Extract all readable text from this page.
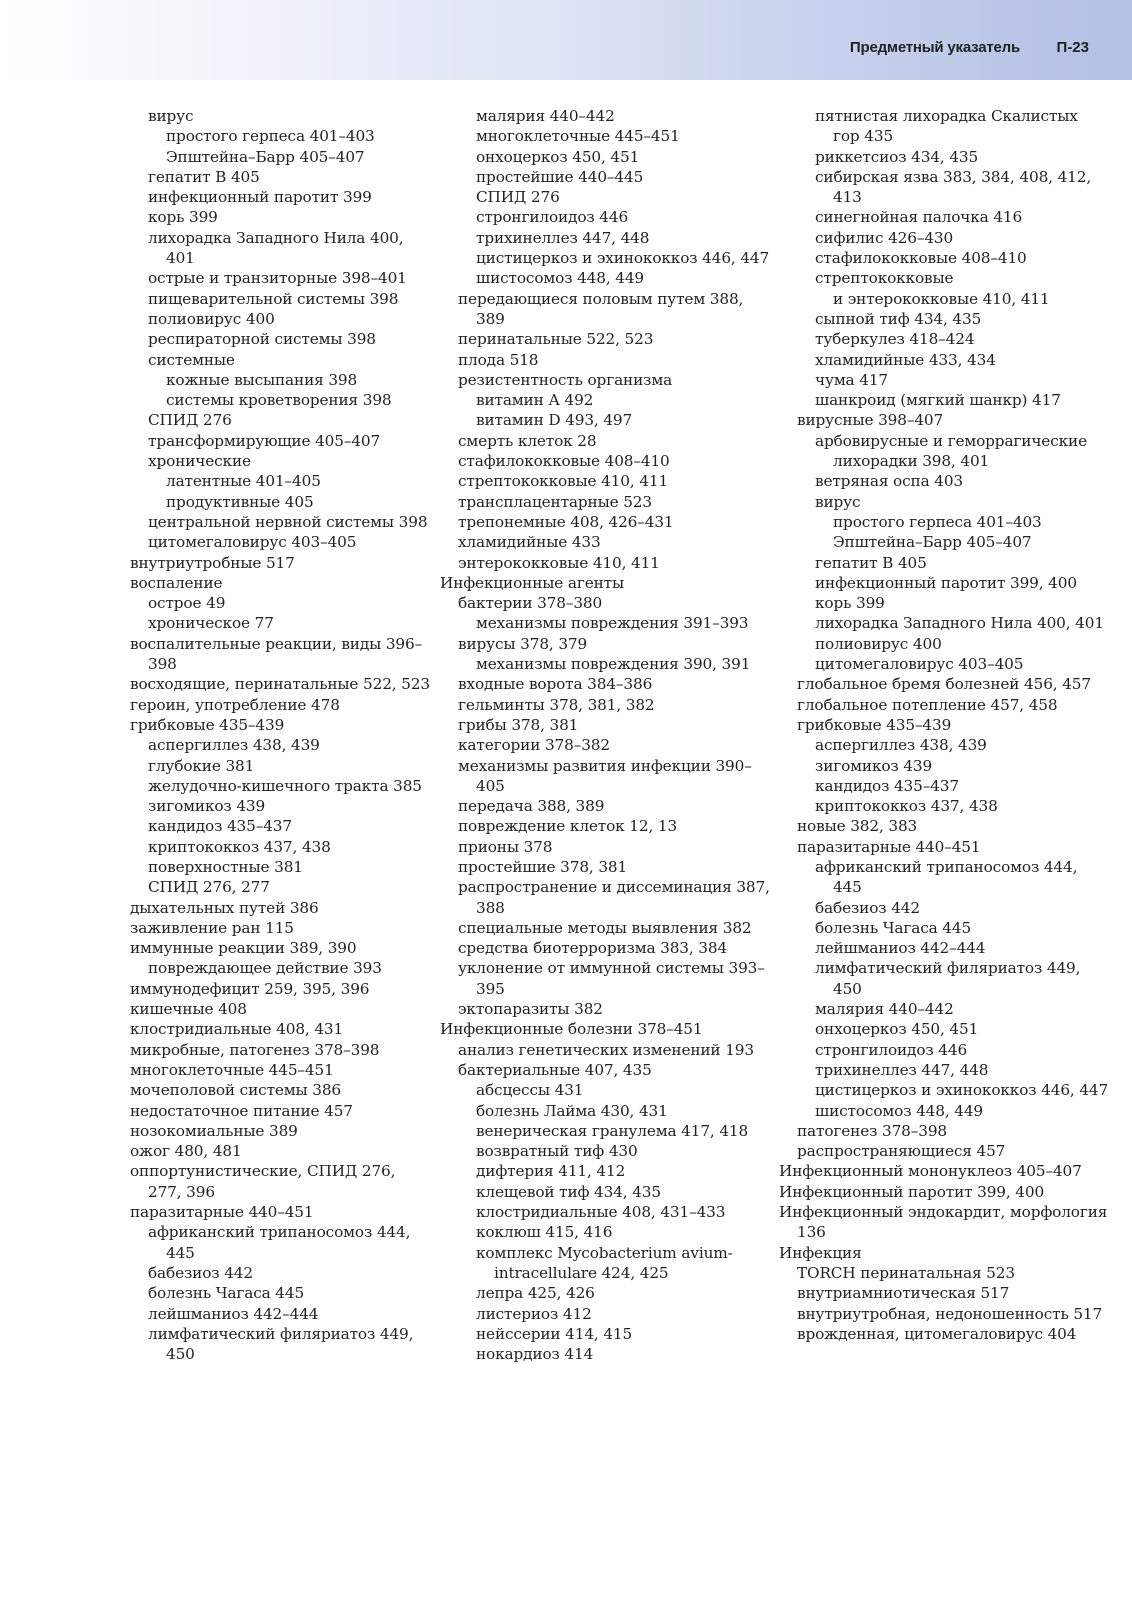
Предметный указатель П-23
вирус
простого герпеса 401–403
Эпштейна–Барр 405–407
гепатит В 405
инфекционный паротит 399
корь 399
лихорадка Западного Нила 400, 401
острые и транзиторные 398–401
пищеварительной системы 398
полиовирус 400
респираторной системы 398
системные
кожные высыпания 398
системы кроветворения 398
СПИД 276
трансформирующие 405–407
хронические
латентные 401–405
продуктивные 405
центральной нервной системы 398
цитомегаловирус 403–405
внутриутробные 517
воспаление
острое 49
хроническое 77
воспалительные реакции, виды 396–398
восходящие, перинатальные 522, 523
героин, употребление 478
грибковые 435–439
аспергиллез 438, 439
глубокие 381
желудочно-кишечного тракта 385
зигомикоз 439
кандидоз 435–437
криптококкоз 437, 438
поверхностные 381
СПИД 276, 277
дыхательных путей 386
заживление ран 115
иммунные реакции 389, 390
повреждающее действие 393
иммунодефицит 259, 395, 396
кишечные 408
клостридиальные 408, 431
микробные, патогенез 378–398
многоклеточные 445–451
мочеполовой системы 386
недостаточное питание 457
нозокомиальные 389
ожог 480, 481
оппортунистические, СПИД 276, 277, 396
паразитарные 440–451
африканский трипаносомоз 444, 445
бабезиоз 442
болезнь Чагаса 445
лейшманиоз 442–444
лимфатический филяриатоз 449, 450
малярия 440–442
многоклеточные 445–451
онхоцеркоз 450, 451
простейшие 440–445
СПИД 276
стронгилоидоз 446
трихинеллез 447, 448
цистицеркоз и эхинококкоз 446, 447
шистосомоз 448, 449
передающиеся половым путем 388, 389
перинатальные 522, 523
плода 518
резистентность организма
витамин А 492
витамин D 493, 497
смерть клеток 28
стафилококковые 408–410
стрептококковые 410, 411
трансплацентарные 523
трепонемные 408, 426–431
хламидийные 433
энтерококковые 410, 411
Инфекционные агенты
бактерии 378–380
механизмы повреждения 391–393
вирусы 378, 379
механизмы повреждения 390, 391
входные ворота 384–386
гельминты 378, 381, 382
грибы 378, 381
категории 378–382
механизмы развития инфекции 390–405
передача 388, 389
повреждение клеток 12, 13
прионы 378
простейшие 378, 381
распространение и диссеминация 387, 388
специальные методы выявления 382
средства биотерроризма 383, 384
уклонение от иммунной системы 393–395
эктопаразиты 382
Инфекционные болезни 378–451
анализ генетических изменений 193
бактериальные 407, 435
абсцессы 431
болезнь Лайма 430, 431
венерическая гранулема 417, 418
возвратный тиф 430
дифтерия 411, 412
клещевой тиф 434, 435
клостридиальные 408, 431–433
коклюш 415, 416
комплекс Mycobacterium avium-intracellulare 424, 425
лепра 425, 426
листериоз 412
нейссерии 414, 415
нокардиоз 414
пятнистая лихорадка Скалистых гор 435
риккетсиоз 434, 435
сибирская язва 383, 384, 408, 412, 413
синегнойная палочка 416
сифилис 426–430
стафилококковые 408–410
стрептококковые
и энтерококковые 410, 411
сыпной тиф 434, 435
туберкулез 418–424
хламидийные 433, 434
чума 417
шанкроид (мягкий шанкр) 417
вирусные 398–407
арбовирусные и геморрагические лихорадки 398, 401
ветряная оспа 403
вирус
простого герпеса 401–403
Эпштейна–Барр 405–407
гепатит В 405
инфекционный паротит 399, 400
корь 399
лихорадка Западного Нила 400, 401
полиовирус 400
цитомегаловирус 403–405
глобальное бремя болезней 456, 457
глобальное потепление 457, 458
грибковые 435–439
аспергиллез 438, 439
зигомикоз 439
кандидоз 435–437
криптококкоз 437, 438
новые 382, 383
паразитарные 440–451
африканский трипаносомоз 444, 445
бабезиоз 442
болезнь Чагаса 445
лейшманиоз 442–444
лимфатический филяриатоз 449, 450
малярия 440–442
онхоцеркоз 450, 451
стронгилоидоз 446
трихинеллез 447, 448
цистицеркоз и эхинококкоз 446, 447
шистосомоз 448, 449
патогенез 378–398
распространяющиеся 457
Инфекционный мононуклеоз 405–407
Инфекционный паротит 399, 400
Инфекционный эндокардит, морфология 136
Инфекция
TORCH перинатальная 523
внутриамниотическая 517
внутриутробная, недоношенность 517
врожденная, цитомегаловирус 404
